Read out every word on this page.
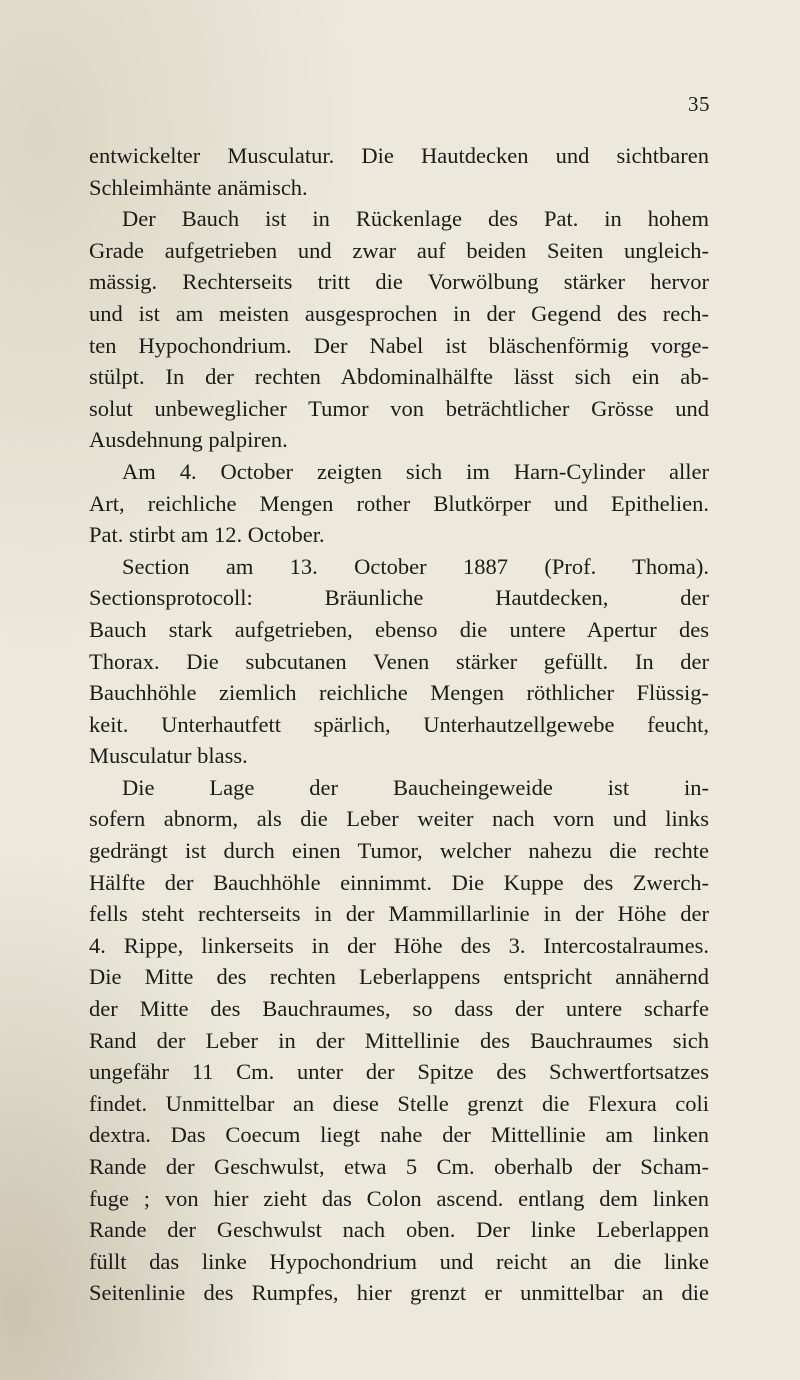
35
entwickelter Musculatur. Die Hautdecken und sichtbaren
Schleimhänte anämisch.
Der Bauch ist in Rückenlage des Pat. in hohem
Grade aufgetrieben und zwar auf beiden Seiten ungleich-
mässig. Rechterseits tritt die Vorwölbung stärker hervor
und ist am meisten ausgesprochen in der Gegend des rech-
ten Hypochondrium. Der Nabel ist bläschenförmig vorge-
stülpt. In der rechten Abdominalhälfte lässt sich ein ab-
solut unbeweglicher Tumor von beträchtlicher Grösse und
Ausdehnung palpiren.
Am 4. October zeigten sich im Harn-Cylinder aller
Art, reichliche Mengen rother Blutkörper und Epithelien.
Pat. stirbt am 12. October.
Section am 13. October 1887 (Prof. Thoma).
Sectionsprotocoll: Bräunliche Hautdecken, der
Bauch stark aufgetrieben, ebenso die untere Apertur des
Thorax. Die subcutanen Venen stärker gefüllt. In der
Bauchhöhle ziemlich reichliche Mengen röthlicher Flüssig-
keit. Unterhautfett spärlich, Unterhautzellgewebe feucht,
Musculatur blass.
Die Lage der Baucheingeweide ist in-
sofern abnorm, als die Leber weiter nach vorn und links
gedrängt ist durch einen Tumor, welcher nahezu die rechte
Hälfte der Bauchhöhle einnimmt. Die Kuppe des Zwerch-
fells steht rechterseits in der Mammillarlinie in der Höhe der
4. Rippe, linkerseits in der Höhe des 3. Intercostalraumes.
Die Mitte des rechten Leberlappens entspricht annähernd
der Mitte des Bauchraumes, so dass der untere scharfe
Rand der Leber in der Mittellinie des Bauchraumes sich
ungefähr 11 Cm. unter der Spitze des Schwertfortsatzes
findet. Unmittelbar an diese Stelle grenzt die Flexura coli
dextra. Das Coecum liegt nahe der Mittellinie am linken
Rande der Geschwulst, etwa 5 Cm. oberhalb der Scham-
fuge ; von hier zieht das Colon ascend. entlang dem linken
Rande der Geschwulst nach oben. Der linke Leberlappen
füllt das linke Hypochondrium und reicht an die linke
Seitenlinie des Rumpfes, hier grenzt er unmittelbar an die
